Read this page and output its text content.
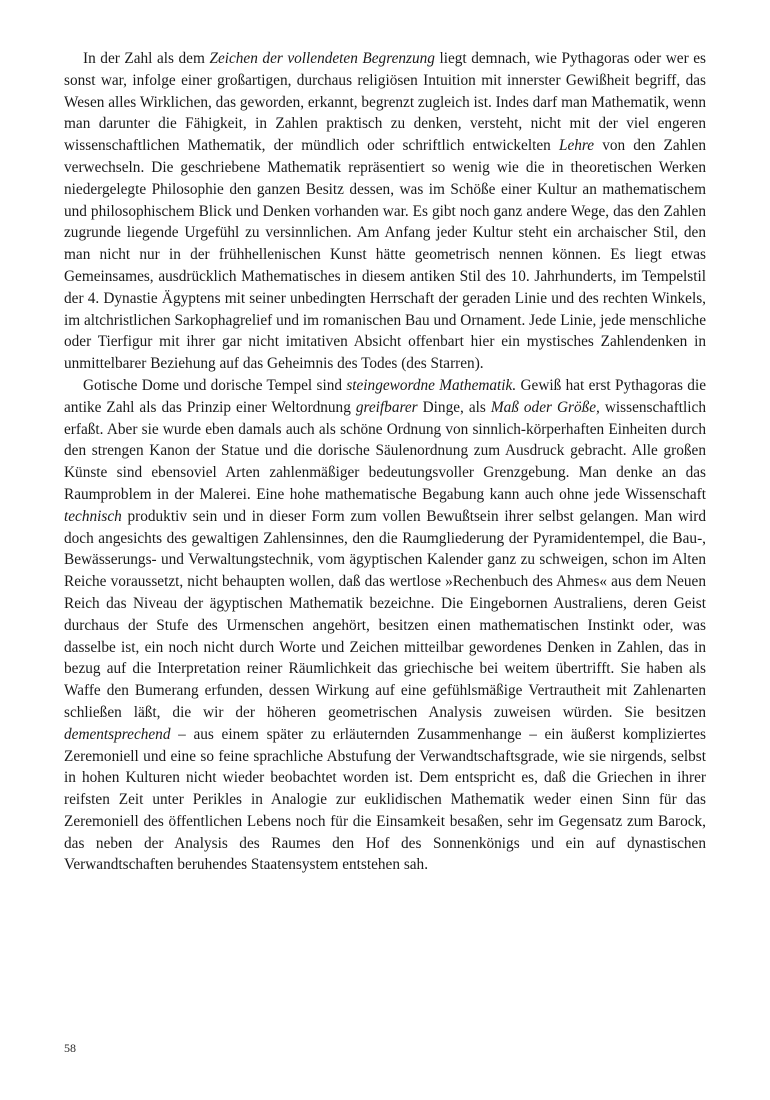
In der Zahl als dem Zeichen der vollendeten Begrenzung liegt demnach, wie Pythagoras oder wer es sonst war, infolge einer großartigen, durchaus religiösen Intuition mit innerster Gewißheit begriff, das Wesen alles Wirklichen, das geworden, erkannt, begrenzt zugleich ist. Indes darf man Mathematik, wenn man darunter die Fähigkeit, in Zahlen praktisch zu denken, versteht, nicht mit der viel engeren wissenschaftlichen Mathematik, der mündlich oder schriftlich entwickelten Lehre von den Zahlen verwechseln. Die geschriebene Mathematik repräsentiert so wenig wie die in theoretischen Werken niedergelegte Philosophie den ganzen Besitz dessen, was im Schöße einer Kultur an mathematischem und philosophischem Blick und Denken vorhanden war. Es gibt noch ganz andere Wege, das den Zahlen zugrunde liegende Urgefühl zu versinnlichen. Am Anfang jeder Kultur steht ein archaischer Stil, den man nicht nur in der frühhellenischen Kunst hätte geometrisch nennen können. Es liegt etwas Gemeinsames, ausdrücklich Mathematisches in diesem antiken Stil des 10. Jahrhunderts, im Tempelstil der 4. Dynastie Ägyptens mit seiner unbedingten Herrschaft der geraden Linie und des rechten Winkels, im altchristlichen Sarkophagrelief und im romanischen Bau und Ornament. Jede Linie, jede menschliche oder Tierfigur mit ihrer gar nicht imitativen Absicht offenbart hier ein mystisches Zahlendenken in unmittelbarer Beziehung auf das Geheimnis des Todes (des Starren).

Gotische Dome und dorische Tempel sind steingewordne Mathematik. Gewiß hat erst Pythagoras die antike Zahl als das Prinzip einer Weltordnung greifbarer Dinge, als Maß oder Größe, wissenschaftlich erfaßt. Aber sie wurde eben damals auch als schöne Ordnung von sinnlich-körperhaften Einheiten durch den strengen Kanon der Statue und die dorische Säulenordnung zum Ausdruck gebracht. Alle großen Künste sind ebensoviel Arten zahlenmäßiger bedeutungsvoller Grenzgebung. Man denke an das Raumproblem in der Malerei. Eine hohe mathematische Begabung kann auch ohne jede Wissenschaft technisch produktiv sein und in dieser Form zum vollen Bewußtsein ihrer selbst gelangen. Man wird doch angesichts des gewaltigen Zahlensinnes, den die Raumgliederung der Pyramidentempel, die Bau-, Bewässerungs- und Verwaltungstechnik, vom ägyptischen Kalender ganz zu schweigen, schon im Alten Reiche voraussetzt, nicht behaupten wollen, daß das wertlose »Rechenbuch des Ahmes« aus dem Neuen Reich das Niveau der ägyptischen Mathematik bezeichne. Die Eingebornen Australiens, deren Geist durchaus der Stufe des Urmenschen angehört, besitzen einen mathematischen Instinkt oder, was dasselbe ist, ein noch nicht durch Worte und Zeichen mitteilbar gewordenes Denken in Zahlen, das in bezug auf die Interpretation reiner Räumlichkeit das griechische bei weitem übertrifft. Sie haben als Waffe den Bumerang erfunden, dessen Wirkung auf eine gefühlsmäßige Vertrautheit mit Zahlenarten schließen läßt, die wir der höheren geometrischen Analysis zuweisen würden. Sie besitzen dementsprechend – aus einem später zu erläuternden Zusammenhange – ein äußerst kompliziertes Zeremoniell und eine so feine sprachliche Abstufung der Verwandtschaftsgrade, wie sie nirgends, selbst in hohen Kulturen nicht wieder beobachtet worden ist. Dem entspricht es, daß die Griechen in ihrer reifsten Zeit unter Perikles in Analogie zur euklidischen Mathematik weder einen Sinn für das Zeremoniell des öffentlichen Lebens noch für die Einsamkeit besaßen, sehr im Gegensatz zum Barock, das neben der Analysis des Raumes den Hof des Sonnenkönigs und ein auf dynastischen Verwandtschaften beruhendes Staatensystem entstehen sah.

58
